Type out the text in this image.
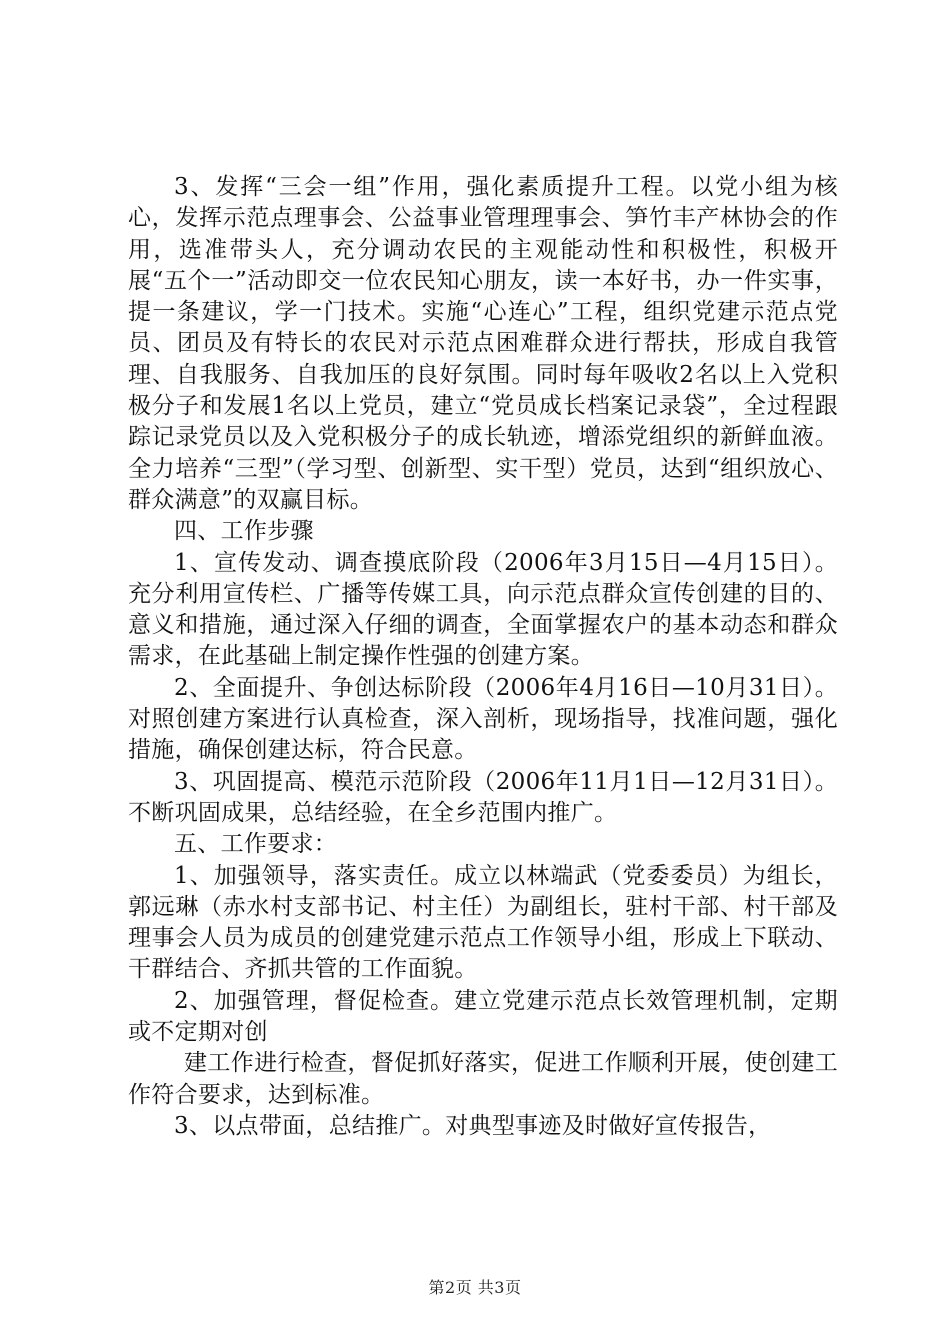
3、发挥“三会一组”作用，强化素质提升工程。以党小组为核心，发挥示范点理事会、公益事业管理理事会、笋竹丰产林协会的作用，选准带头人，充分调动农民的主观能动性和积极性，积极开展“五个一”活动即交一位农民知心朋友，读一本好书，办一件实事，提一条建议，学一门技术。实施“心连心”工程，组织党建示范点党员、团员及有特长的农民对示范点困难群众进行帮扶，形成自我管理、自我服务、自我加压的良好氛围。同时每年吸收2名以上入党积极分子和发展1名以上党员，建立“党员成长档案记录袋”，全过程跟踪记录党员以及入党积极分子的成长轨迹，增添党组织的新鲜血液。全力培养“三型”（学习型、创新型、实干型）党员，达到“组织放心、群众满意”的双赢目标。

四、工作步骤

1、宣传发动、调查摸底阶段（2006年3月15日—4月15日）。充分利用宣传栏、广播等传媒工具，向示范点群众宣传创建的目的、意义和措施，通过深入仔细的调查，全面掌握农户的基本动态和群众需求，在此基础上制定操作性强的创建方案。

2、全面提升、争创达标阶段（2006年4月16日—10月31日）。对照创建方案进行认真检查，深入剖析，现场指导，找准问题，强化措施，确保创建达标，符合民意。

3、巩固提高、模范示范阶段（2006年11月1日—12月31日）。不断巩固成果，总结经验，在全乡范围内推广。

五、工作要求：

1、加强领导，落实责任。成立以林端武（党委委员）为组长，郭远琳（赤水村支部书记、村主任）为副组长，驻村干部、村干部及理事会人员为成员的创建党建示范点工作领导小组，形成上下联动、干群结合、齐抓共管的工作面貌。

2、加强管理，督促检查。建立党建示范点长效管理机制，定期或不定期对创

建工作进行检查，督促抓好落实，促进工作顺利开展，使创建工作符合要求，达到标准。

3、以点带面，总结推广。对典型事迹及时做好宣传报告，

第2页 共3页
